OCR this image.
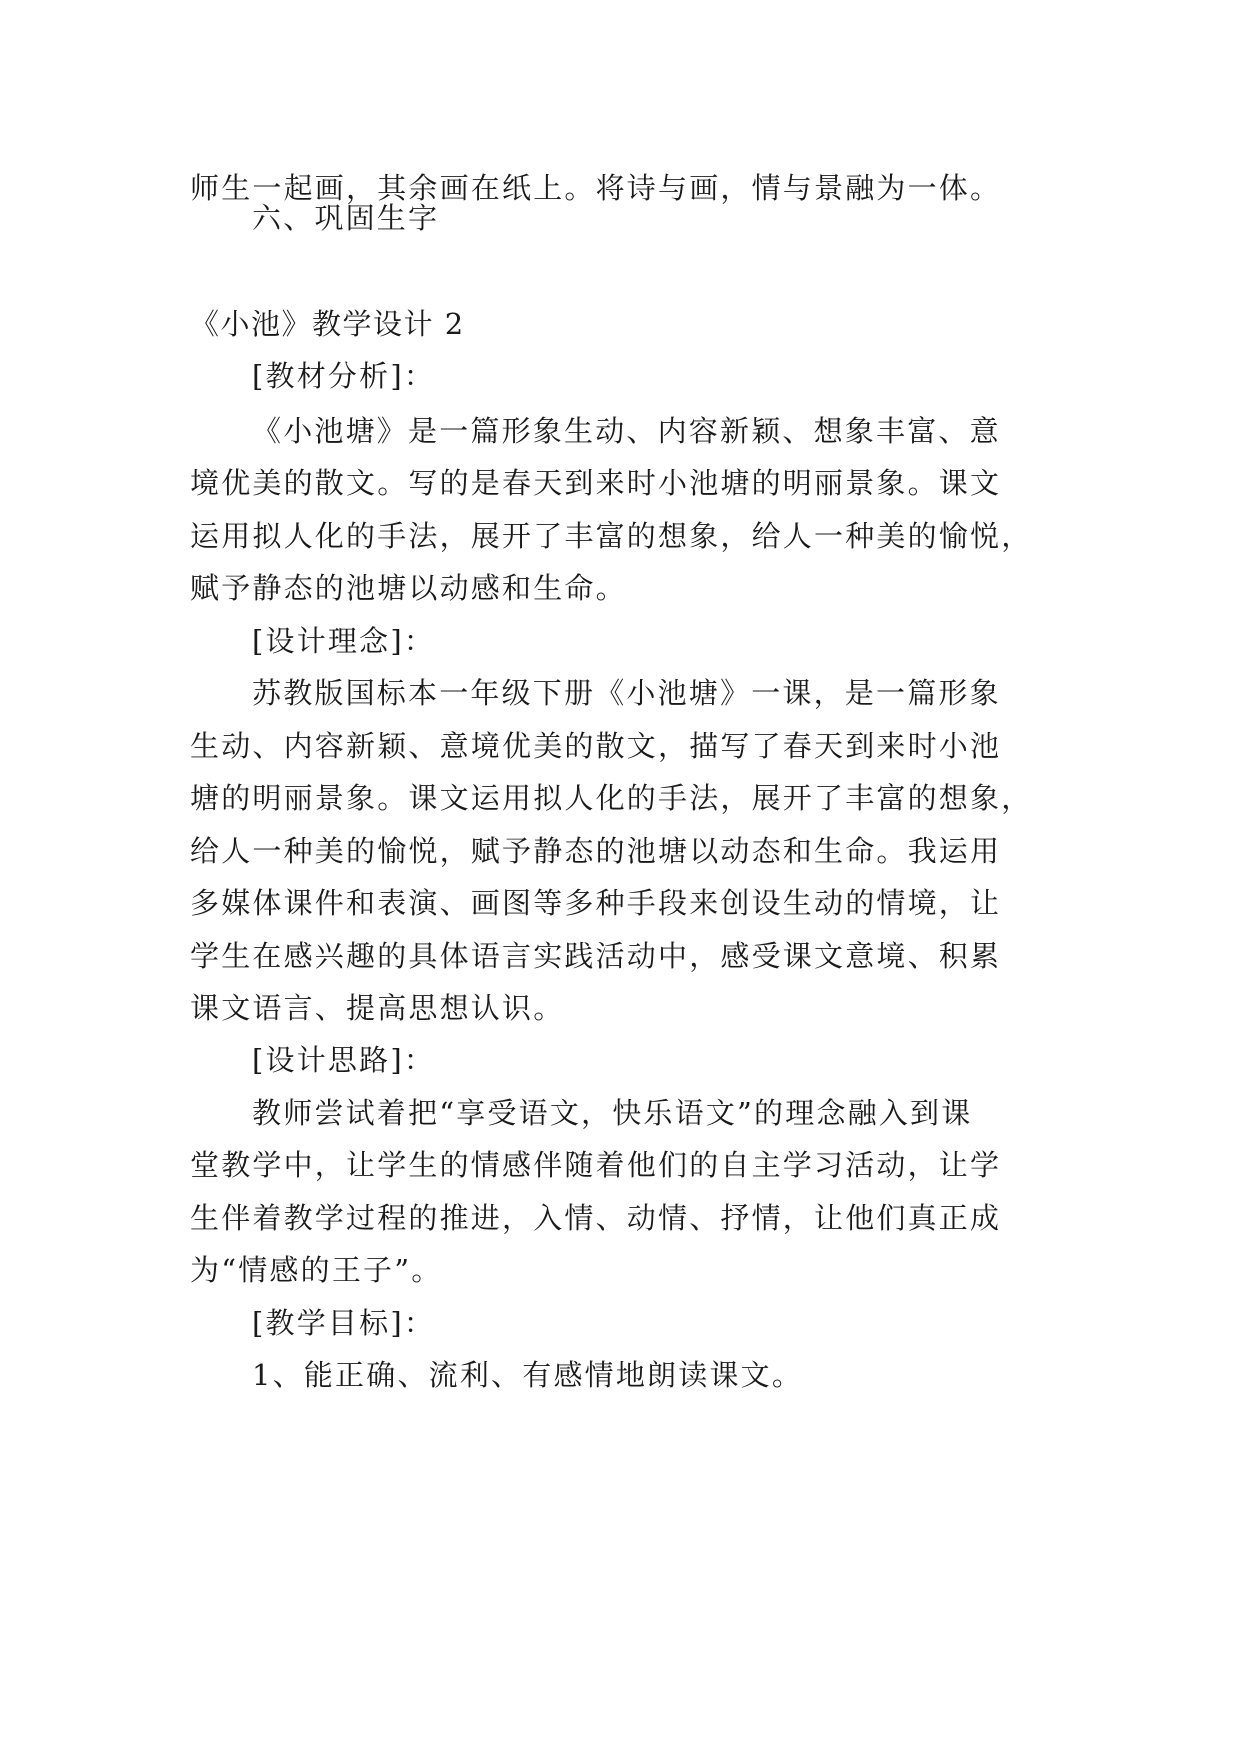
师生一起画，其余画在纸上。将诗与画，情与景融为一体。

六、巩固生字

《小池》教学设计 2

[教材分析]：

《小池塘》是一篇形象生动、内容新颖、想象丰富、意

境优美的散文。写的是春天到来时小池塘的明丽景象。课文

运用拟人化的手法，展开了丰富的想象，给人一种美的愉悦，

赋予静态的池塘以动感和生命。

[设计理念]：

苏教版国标本一年级下册《小池塘》一课，是一篇形象

生动、内容新颖、意境优美的散文，描写了春天到来时小池

塘的明丽景象。课文运用拟人化的手法，展开了丰富的想象，

给人一种美的愉悦，赋予静态的池塘以动态和生命。我运用

多媒体课件和表演、画图等多种手段来创设生动的情境，让

学生在感兴趣的具体语言实践活动中，感受课文意境、积累

课文语言、提高思想认识。

[设计思路]：

教师尝试着把“享受语文，快乐语文”的理念融入到课

堂教学中，让学生的情感伴随着他们的自主学习活动，让学

生伴着教学过程的推进，入情、动情、抒情，让他们真正成

为“情感的王子”。

[教学目标]：

1、能正确、流利、有感情地朗读课文。
